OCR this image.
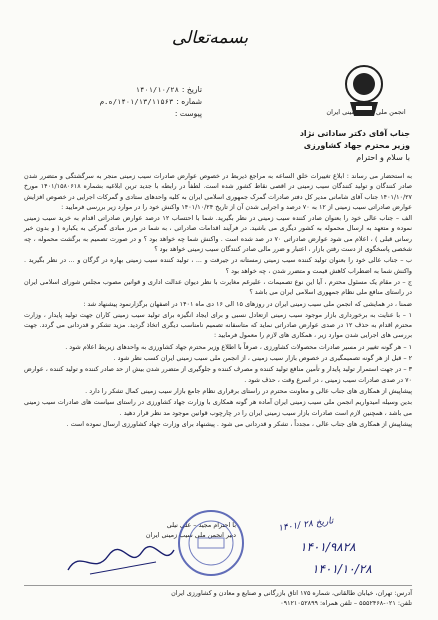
بسمه‌تعالی
انجمن ملی سیب زمینی ایران
تاریخ :۱۴۰۱/۱۰/۲۸
شماره :۱۴۰۱/۱۳/۱۱۵۶۳/ه.م
پیوست :
جناب آقای دکتر ساداتی نژاد
وزیر محترم جهاد کشاورزی
با سلام و احترام

به استحضار می رساند : ابلاغ تغییرات خلق الساعه به مراجع ذیربط در خصوص عوارض صادرات سیب زمینی منجر به سرگشتگی و متضرر شدن صادر کنندگان و تولید کنندگان سیب زمینی در اقصی نقاط کشور شده است. لطفاً در رابطه با جدید ترین ابلاغیه بشماره ۱۴۰۱/۱۵۸۰۶۱۸ مورخ ۱۴۰۱/۱۰/۲۷ جناب آقای شامانی مدیر کل دفتر صادرات گمرک جمهوری اسلامی ایران به کلیه واحدهای ستادی و گمرکات اجرایی در خصوص افزایش عوارض صادراتی سیب زمینی از ۱۲ به ۷۰ درصد و اجرایی شدن آن از تاریخ ۱۴۰۱/۱۰/۲۴ واکنش خود را در موارد زیر بررسی فرمایید :

الف – جناب عالی خود را بعنوان صادر کننده سیب زمینی در نظر بگیرید. شما با احتساب ۱۲ درصد عوارض صادراتی اقدام به خرید سیب زمینی نموده و متعهد به ارسال محموله به کشور دیگری می باشید. در فرآیند اقدامات صادراتی ، به شما در مرز مبادی گمرکی به یکباره ( و بدون خبر رسانی قبلی ) ، اعلام می شود عوارض صادراتی ۷۰ در صد شده است . واکنش شما چه خواهد بود ؟ و در صورت تصمیم به برگشت محموله ، چه شخصی پاسخگوی از دست رفتن بازار ، اعتبار و ضرر مالی صادر کنندگان سیب زمینی خواهد بود ؟

ب – جناب عالی خود را بعنوان تولید کننده سیب زمینی زمستانه در جیرفت و ... ، تولید کننده سیب زمینی بهاره در گرگان و ... در نظر بگیرید . واکنش شما به اضطراب کاهش قیمت و متضرر شدن ، چه خواهد بود ؟

ج – در مقام یک مسئول محترم ، آیا این نوع تصمیمات ، علیرغم مغایرت با نظر دیوان عدالت اداری و قوانین مصوب مجلس شورای اسلامی ایران در راستای منافع ملی نظام جمهوری اسلامی ایران می باشد ؟

ضمنا ، در همایشی که انجمن ملی سیب زمینی ایران در روزهای ۱۵ الی ۱۶ دی ماه ۱۴۰۱ در اصفهان برگزارنمود پیشنهاد شد :

۱ – با عنایت به برخورداری بازار موجود سیب زمینی ازتعادل نسبی و برای ایجاد انگیزه برای تولید سیب زمینی کاران جهت تولید پایدار ، وزارت محترم اقدام به حذف ۱۲ در صدی عوارض صادراتی نماید که متاسفانه تصمیم نامناسب دیگری اتخاذ گردید. مزید تشکر و قدردانی می گردد. جهت بررسی های اجرایی شدن موارد زیر ، همکاری های لازم را معمول فرمایید :

۱ – هر گونه تغییر در مسیر صادرات محصولات کشاورزی ، صرفاً با اطلاع وزیر محترم جهاد کشاورزی به واحدهای زیربط اعلام شود .

۲ – قبل از هر گونه تصمیمگیری در خصوص بازار سیب زمینی ، از انجمن ملی سیب زمینی ایران کسب نظر شود .

۳ – در جهت استمرار تولید پایدار و تأمین منافع تولید کننده و مصرف کننده و جلوگیری از متضرر شدن بیش از حد صادر کننده و تولید کننده ، عوارض ۷۰ در صدی صادرات سیب زمینی ، در اسرع وقت ، حذف شود .

پیشاپیش از همکاری های جناب عالی و معاونت محترم در راستای برقراری نظام جامع بازار سیب زمینی کمال تشکر را دارد .

بدین وسیله امیدواریم انجمن ملی سیب زمینی ایران آماده هر گونه همکاری با وزارت جهاد کشاورزی در راستای سیاست های صادرات سیب زمینی می باشد ، همچنین لازم است صادرات بازار سیب زمینی ایران را در چارچوب قوانین موجود مد نظر قرار دهید .

پیشاپیش از همکاری های جناب عالی ، مجدداً ، تشکر و قدردانی می شود . پیشنهاد برای وزارت جهاد کشاورزی ارسال نموده است .

با احترام مجید – علی نیلی
دبیر انجمن ملی سیب زمینی ایران
تاریخ ۲۸ /۱۴۰۱
۱۴۰۱/۹۸۲۸
۱۴۰۱/۱۰/۲۸
آدرس: تهران، خیابان طالقانی، شماره ۱۷۵ اتاق بازرگانی و صنایع و معادن و کشاورزی ایران
تلفن: ۰۲۱-۵۵۵۲۴۶۸ – تلفن همراه: ۰۹۱۲۱۰۵۲۸۹۹
